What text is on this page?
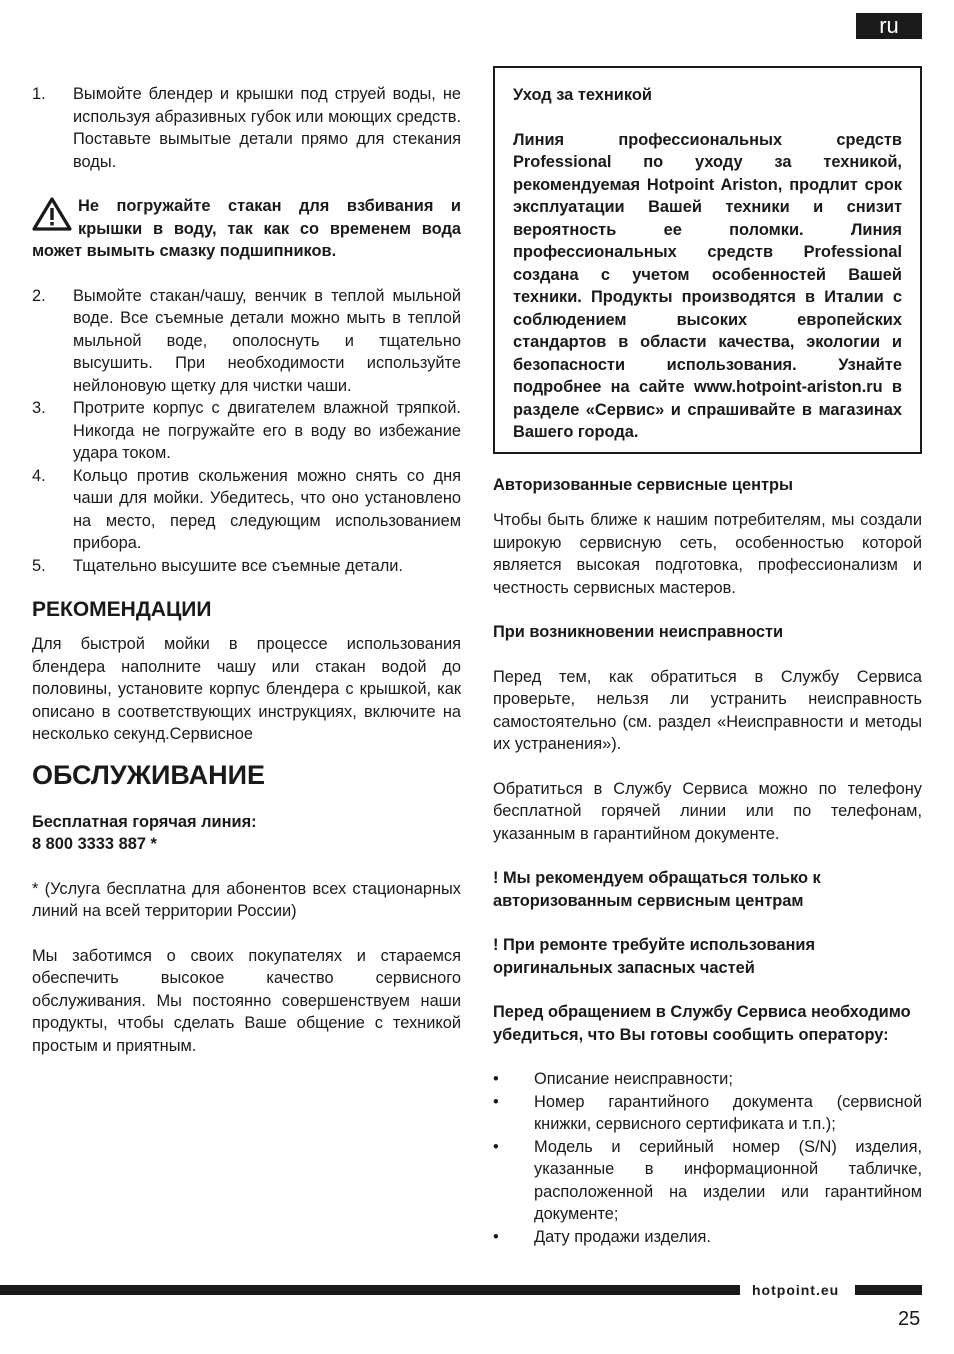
ru
1. Вымойте блендер и крышки под струей воды, не используя абразивных губок или моющих средств. Поставьте вымытые детали прямо для стекания воды.
Не погружайте стакан для взбивания и крышки в воду, так как со временем вода может вымыть смазку подшипников.
2. Вымойте стакан/чашу, венчик в теплой мыльной воде. Все съемные детали можно мыть в теплой мыльной воде, ополоснуть и тщательно высушить. При необходимости используйте нейлоновую щетку для чистки чаши.
3. Протрите корпус с двигателем влажной тряпкой. Никогда не погружайте его в воду во избежание удара током.
4. Кольцо против скольжения можно снять со дня чаши для мойки. Убедитесь, что оно установлено на место, перед следующим использованием прибора.
5. Тщательно высушите все съемные детали.
РЕКОМЕНДАЦИИ

Для быстрой мойки в процессе использования блендера наполните чашу или стакан водой до половины, установите корпус блендера с крышкой, как описано в соответствующих инструкциях, включите на несколько секунд.Сервисное

ОБСЛУЖИВАНИЕ

Бесплатная горячая линия:

8 800 3333 887 *

* (Услуга бесплатна для абонентов всех стационарных линий на всей территории России)

Мы заботимся о своих покупателях и стараемся обеспечить высокое качество сервисного обслуживания. Мы постоянно совершенствуем наши продукты, чтобы сделать Ваше общение с техникой простым и приятным.

Уход за техникой

Линия профессиональных средств Professional по уходу за техникой, рекомендуемая Hotpoint Ariston, продлит срок эксплуатации Вашей техники и снизит вероятность ее поломки. Линия профессиональных средств Professional создана с учетом особенностей Вашей техники. Продукты производятся в Италии с соблюдением высоких европейских стандартов в области качества, экологии и безопасности использования. Узнайте подробнее на сайте www.hotpoint-ariston.ru в разделе «Сервис» и спрашивайте в магазинах Вашего города.

Авторизованные сервисные центры

Чтобы быть ближе к нашим потребителям, мы создали широкую сервисную сеть, особенностью которой является высокая подготовка, профессионализм и честность сервисных мастеров.

При возникновении неисправности

Перед тем, как обратиться в Службу Сервиса проверьте, нельзя ли устранить неисправность самостоятельно (см. раздел «Неисправности и методы их устранения»).

Обратиться в Службу Сервиса можно по телефону бесплатной горячей линии или по телефонам, указанным в гарантийном документе.

! Мы рекомендуем обращаться только к авторизованным сервисным центрам

! При ремонте требуйте использования оригинальных запасных частей

Перед обращением в Службу Сервиса необходимо убедиться, что Вы готовы сообщить оператору:

• Описание неисправности;
• Номер гарантийного документа (сервисной книжки, сервисного сертификата и т.п.);
• Модель и серийный номер (S/N) изделия, указанные в информационной табличке, расположенной на изделии или гарантийном документе;
• Дату продажи изделия.
hotpoint.eu
25
